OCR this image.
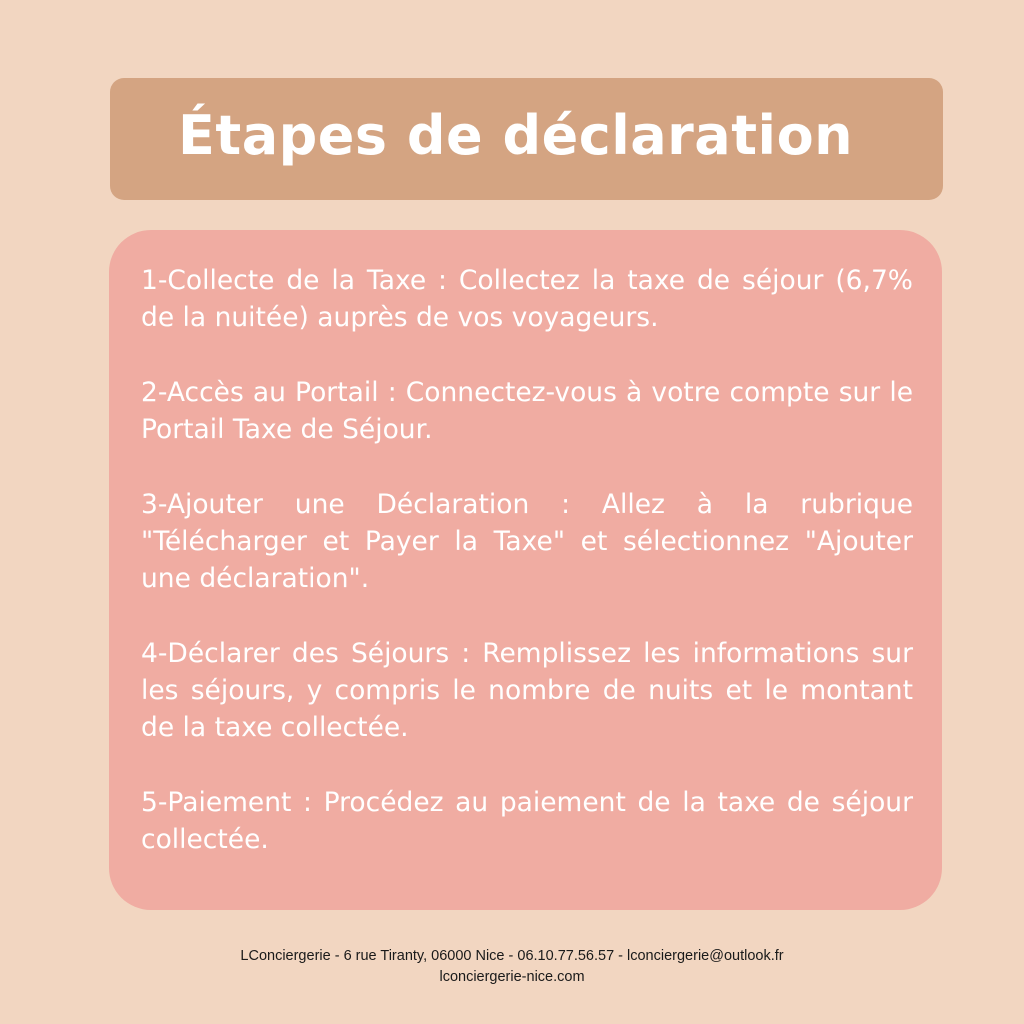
Étapes de déclaration

1-Collecte de la Taxe : Collectez la taxe de séjour (6,7% de la nuitée) auprès de vos voyageurs.

2-Accès au Portail : Connectez-vous à votre compte sur le Portail Taxe de Séjour.

3-Ajouter une Déclaration : Allez à la rubrique "Télécharger et Payer la Taxe" et sélectionnez "Ajouter une déclaration".

4-Déclarer des Séjours : Remplissez les informations sur les séjours, y compris le nombre de nuits et le montant de la taxe collectée.

5-Paiement : Procédez au paiement de la taxe de séjour collectée.

LConciergerie - 6 rue Tiranty, 06000 Nice - 06.10.77.56.57 - lconciergerie@outlook.fr
lconciergerie-nice.com
